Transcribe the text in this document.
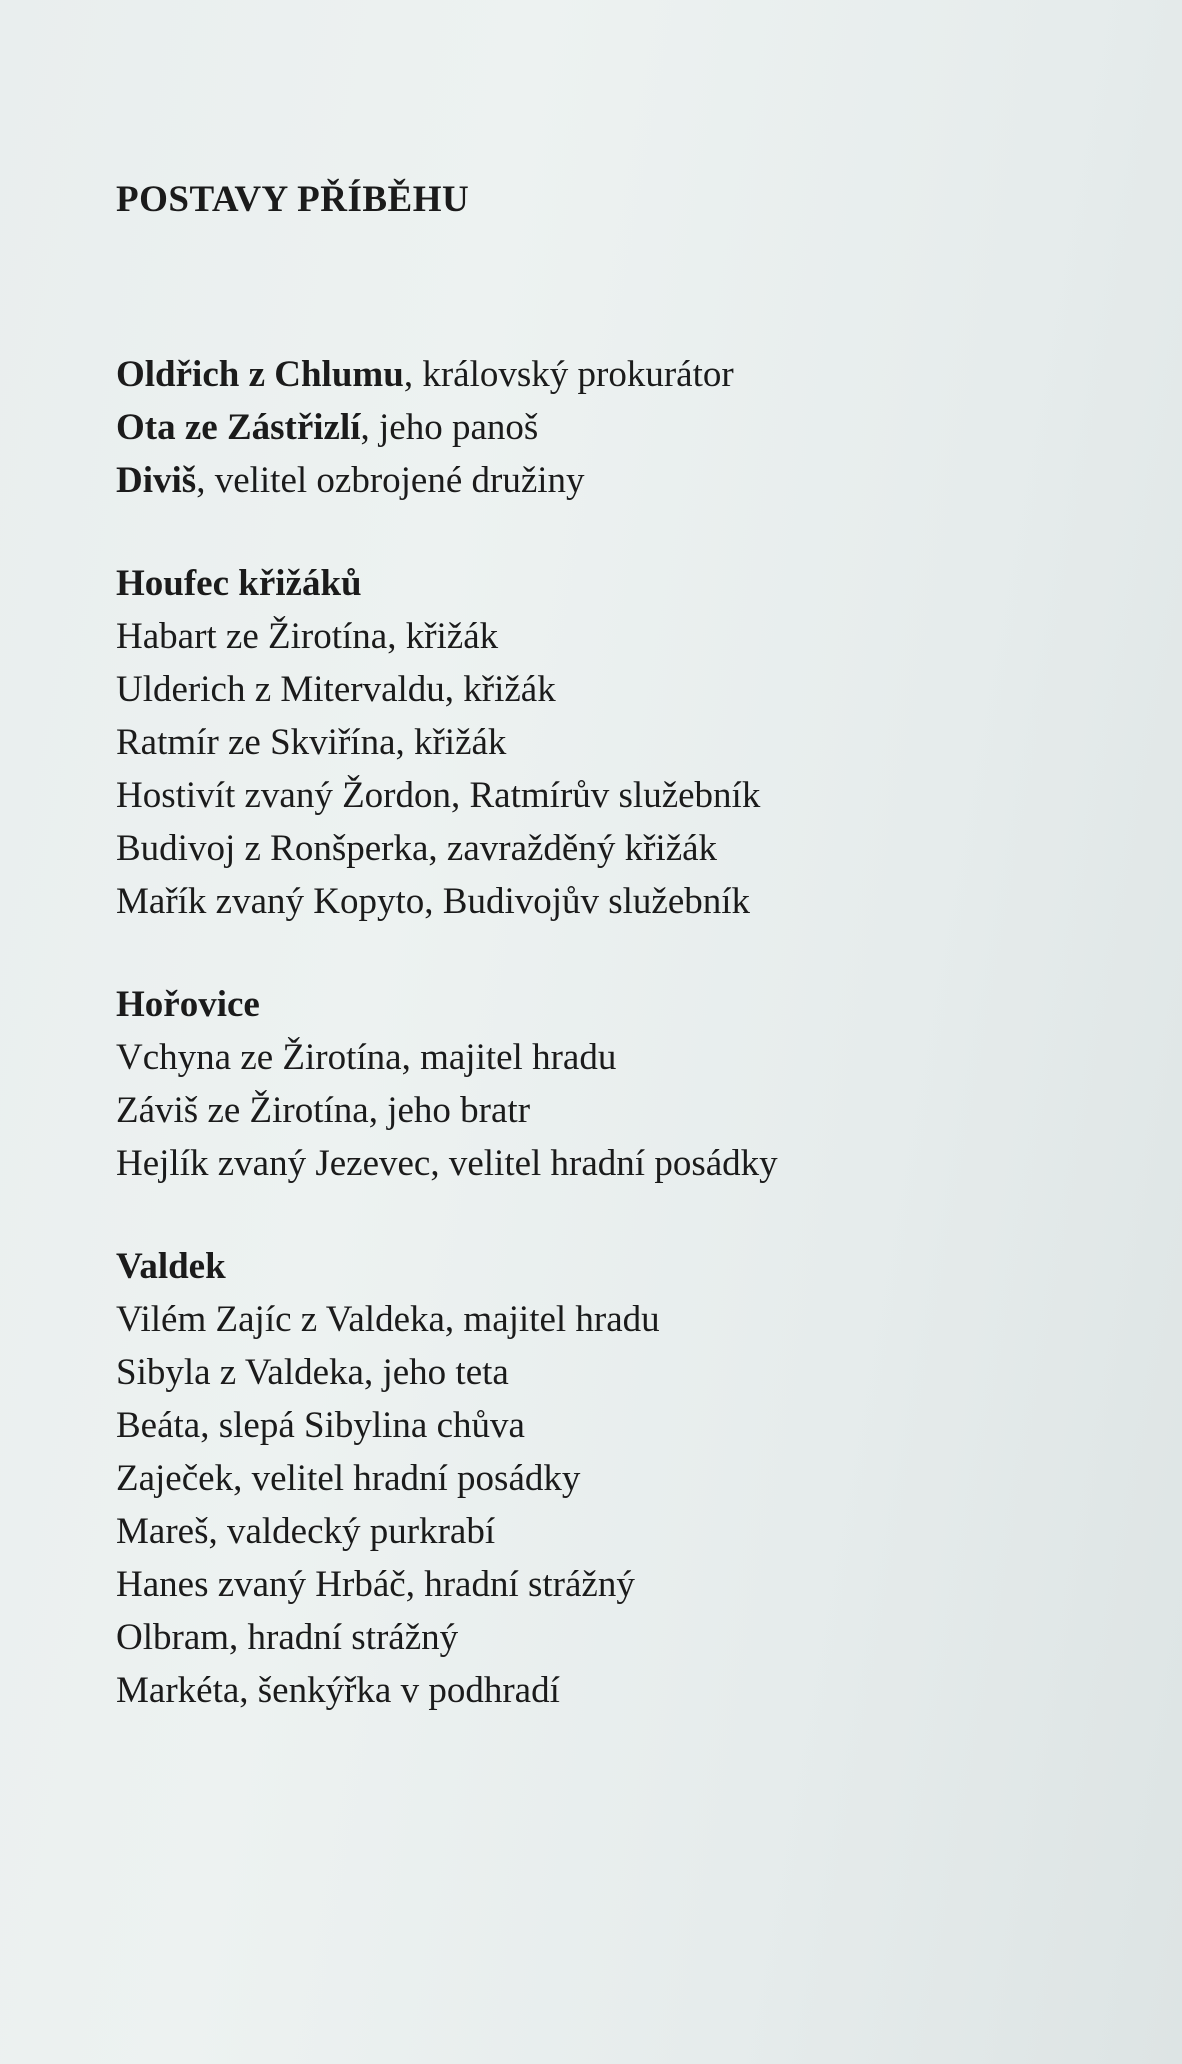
POSTAVY PŘÍBĚHU
Oldřich z Chlumu, královský prokurátor
Ota ze Zástřizlí, jeho panoš
Diviš, velitel ozbrojené družiny
Houfec křižáků
Habart ze Žirotína, křižák
Ulderich z Mitervaldu, křižák
Ratmír ze Skviřína, křižák
Hostivít zvaný Žordon, Ratmírův služebník
Budivoj z Ronšperka, zavražděný křižák
Mařík zvaný Kopyto, Budivojův služebník
Hořovice
Vchyna ze Žirotína, majitel hradu
Záviš ze Žirotína, jeho bratr
Hejlík zvaný Jezevec, velitel hradní posádky
Valdek
Vilém Zajíc z Valdeka, majitel hradu
Sibyla z Valdeka, jeho teta
Beáta, slepá Sibylina chůva
Zaječek, velitel hradní posádky
Mareš, valdecký purkrabí
Hanes zvaný Hrbáč, hradní strážný
Olbram, hradní strážný
Markéta, šenkýřka v podhradí
